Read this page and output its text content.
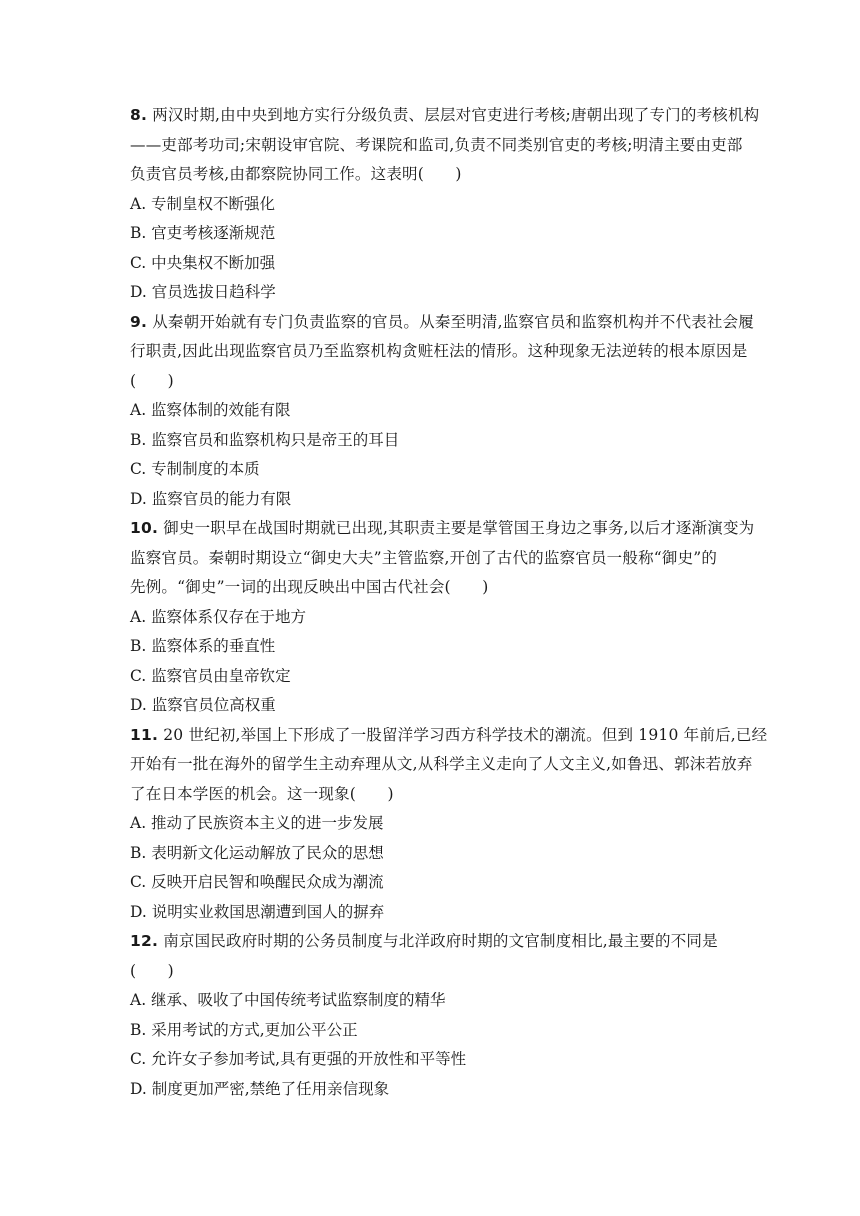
8. 两汉时期,由中央到地方实行分级负责、层层对官吏进行考核;唐朝出现了专门的考核机构
——吏部考功司;宋朝设审官院、考课院和监司,负责不同类别官吏的考核;明清主要由吏部
负责官员考核,由都察院协同工作。这表明(　　)
A. 专制皇权不断强化
B. 官吏考核逐渐规范
C. 中央集权不断加强
D. 官员选拔日趋科学
9. 从秦朝开始就有专门负责监察的官员。从秦至明清,监察官员和监察机构并不代表社会履
行职责,因此出现监察官员乃至监察机构贪赃枉法的情形。这种现象无法逆转的根本原因是
(　　)
A. 监察体制的效能有限
B. 监察官员和监察机构只是帝王的耳目
C. 专制制度的本质
D. 监察官员的能力有限
10. 御史一职早在战国时期就已出现,其职责主要是掌管国王身边之事务,以后才逐渐演变为
监察官员。秦朝时期设立“御史大夫”主管监察,开创了古代的监察官员一般称“御史”的
先例。“御史”一词的出现反映出中国古代社会(　　)
A. 监察体系仅存在于地方
B. 监察体系的垂直性
C. 监察官员由皇帝钦定
D. 监察官员位高权重
11. 20 世纪初,举国上下形成了一股留洋学习西方科学技术的潮流。但到 1910 年前后,已经
开始有一批在海外的留学生主动弃理从文,从科学主义走向了人文主义,如鲁迅、郭沫若放弃
了在日本学医的机会。这一现象(　　)
A. 推动了民族资本主义的进一步发展
B. 表明新文化运动解放了民众的思想
C. 反映开启民智和唤醒民众成为潮流
D. 说明实业救国思潮遭到国人的摒弃
12. 南京国民政府时期的公务员制度与北洋政府时期的文官制度相比,最主要的不同是
(　　)
A. 继承、吸收了中国传统考试监察制度的精华
B. 采用考试的方式,更加公平公正
C. 允许女子参加考试,具有更强的开放性和平等性
D. 制度更加严密,禁绝了任用亲信现象
